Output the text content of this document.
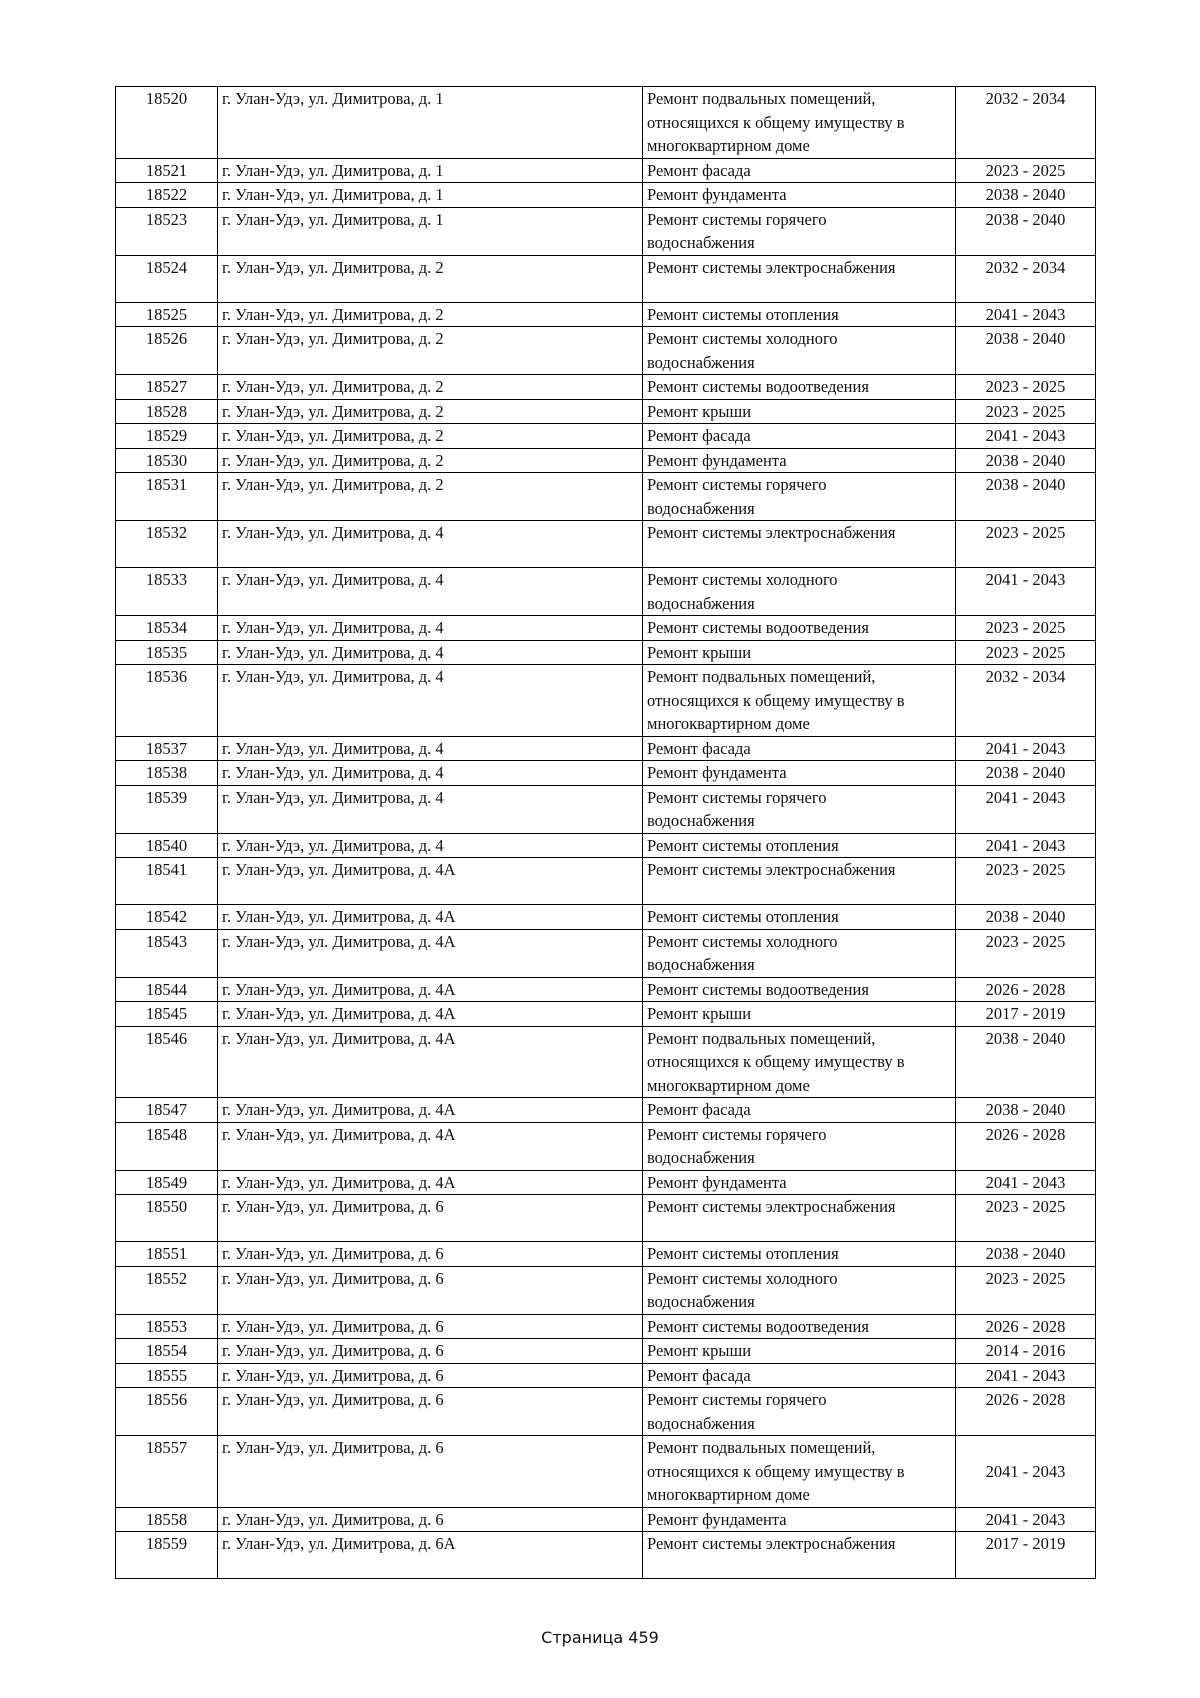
18520	г. Улан-Удэ, ул. Димитрова, д. 1	Ремонт подвальных помещений,
относящихся к общему имуществу в
многоквартирном доме	2032 - 2034
18521	г. Улан-Удэ, ул. Димитрова, д. 1	Ремонт фасада	2023 - 2025
18522	г. Улан-Удэ, ул. Димитрова, д. 1	Ремонт фундамента	2038 - 2040
18523	г. Улан-Удэ, ул. Димитрова, д. 1	Ремонт системы горячего
водоснабжения	2038 - 2040
18524	г. Улан-Удэ, ул. Димитрова, д. 2	Ремонт системы электроснабжения	2032 - 2034
18525	г. Улан-Удэ, ул. Димитрова, д. 2	Ремонт системы отопления	2041 - 2043
18526	г. Улан-Удэ, ул. Димитрова, д. 2	Ремонт системы холодного
водоснабжения	2038 - 2040
18527	г. Улан-Удэ, ул. Димитрова, д. 2	Ремонт системы водоотведения	2023 - 2025
18528	г. Улан-Удэ, ул. Димитрова, д. 2	Ремонт крыши	2023 - 2025
18529	г. Улан-Удэ, ул. Димитрова, д. 2	Ремонт фасада	2041 - 2043
18530	г. Улан-Удэ, ул. Димитрова, д. 2	Ремонт фундамента	2038 - 2040
18531	г. Улан-Удэ, ул. Димитрова, д. 2	Ремонт системы горячего
водоснабжения	2038 - 2040
18532	г. Улан-Удэ, ул. Димитрова, д. 4	Ремонт системы электроснабжения	2023 - 2025
18533	г. Улан-Удэ, ул. Димитрова, д. 4	Ремонт системы холодного
водоснабжения	2041 - 2043
18534	г. Улан-Удэ, ул. Димитрова, д. 4	Ремонт системы водоотведения	2023 - 2025
18535	г. Улан-Удэ, ул. Димитрова, д. 4	Ремонт крыши	2023 - 2025
18536	г. Улан-Удэ, ул. Димитрова, д. 4	Ремонт подвальных помещений,
относящихся к общему имуществу в
многоквартирном доме	2032 - 2034
18537	г. Улан-Удэ, ул. Димитрова, д. 4	Ремонт фасада	2041 - 2043
18538	г. Улан-Удэ, ул. Димитрова, д. 4	Ремонт фундамента	2038 - 2040
18539	г. Улан-Удэ, ул. Димитрова, д. 4	Ремонт системы горячего
водоснабжения	2041 - 2043
18540	г. Улан-Удэ, ул. Димитрова, д. 4	Ремонт системы отопления	2041 - 2043
18541	г. Улан-Удэ, ул. Димитрова, д. 4А	Ремонт системы электроснабжения	2023 - 2025
18542	г. Улан-Удэ, ул. Димитрова, д. 4А	Ремонт системы отопления	2038 - 2040
18543	г. Улан-Удэ, ул. Димитрова, д. 4А	Ремонт системы холодного
водоснабжения	2023 - 2025
18544	г. Улан-Удэ, ул. Димитрова, д. 4А	Ремонт системы водоотведения	2026 - 2028
18545	г. Улан-Удэ, ул. Димитрова, д. 4А	Ремонт крыши	2017 - 2019
18546	г. Улан-Удэ, ул. Димитрова, д. 4А	Ремонт подвальных помещений,
относящихся к общему имуществу в
многоквартирном доме	2038 - 2040
18547	г. Улан-Удэ, ул. Димитрова, д. 4А	Ремонт фасада	2038 - 2040
18548	г. Улан-Удэ, ул. Димитрова, д. 4А	Ремонт системы горячего
водоснабжения	2026 - 2028
18549	г. Улан-Удэ, ул. Димитрова, д. 4А	Ремонт фундамента	2041 - 2043
18550	г. Улан-Удэ, ул. Димитрова, д. 6	Ремонт системы электроснабжения	2023 - 2025
18551	г. Улан-Удэ, ул. Димитрова, д. 6	Ремонт системы отопления	2038 - 2040
18552	г. Улан-Удэ, ул. Димитрова, д. 6	Ремонт системы холодного
водоснабжения	2023 - 2025
18553	г. Улан-Удэ, ул. Димитрова, д. 6	Ремонт системы водоотведения	2026 - 2028
18554	г. Улан-Удэ, ул. Димитрова, д. 6	Ремонт крыши	2014 - 2016
18555	г. Улан-Удэ, ул. Димитрова, д. 6	Ремонт фасада	2041 - 2043
18556	г. Улан-Удэ, ул. Димитрова, д. 6	Ремонт системы горячего
водоснабжения	2026 - 2028
18557	г. Улан-Удэ, ул. Димитрова, д. 6	Ремонт подвальных помещений,
относящихся к общему имуществу в
многоквартирном доме	2041 - 2043
18558	г. Улан-Удэ, ул. Димитрова, д. 6	Ремонт фундамента	2041 - 2043
18559	г. Улан-Удэ, ул. Димитрова, д. 6А	Ремонт системы электроснабжения	2017 - 2019
Страница 459
